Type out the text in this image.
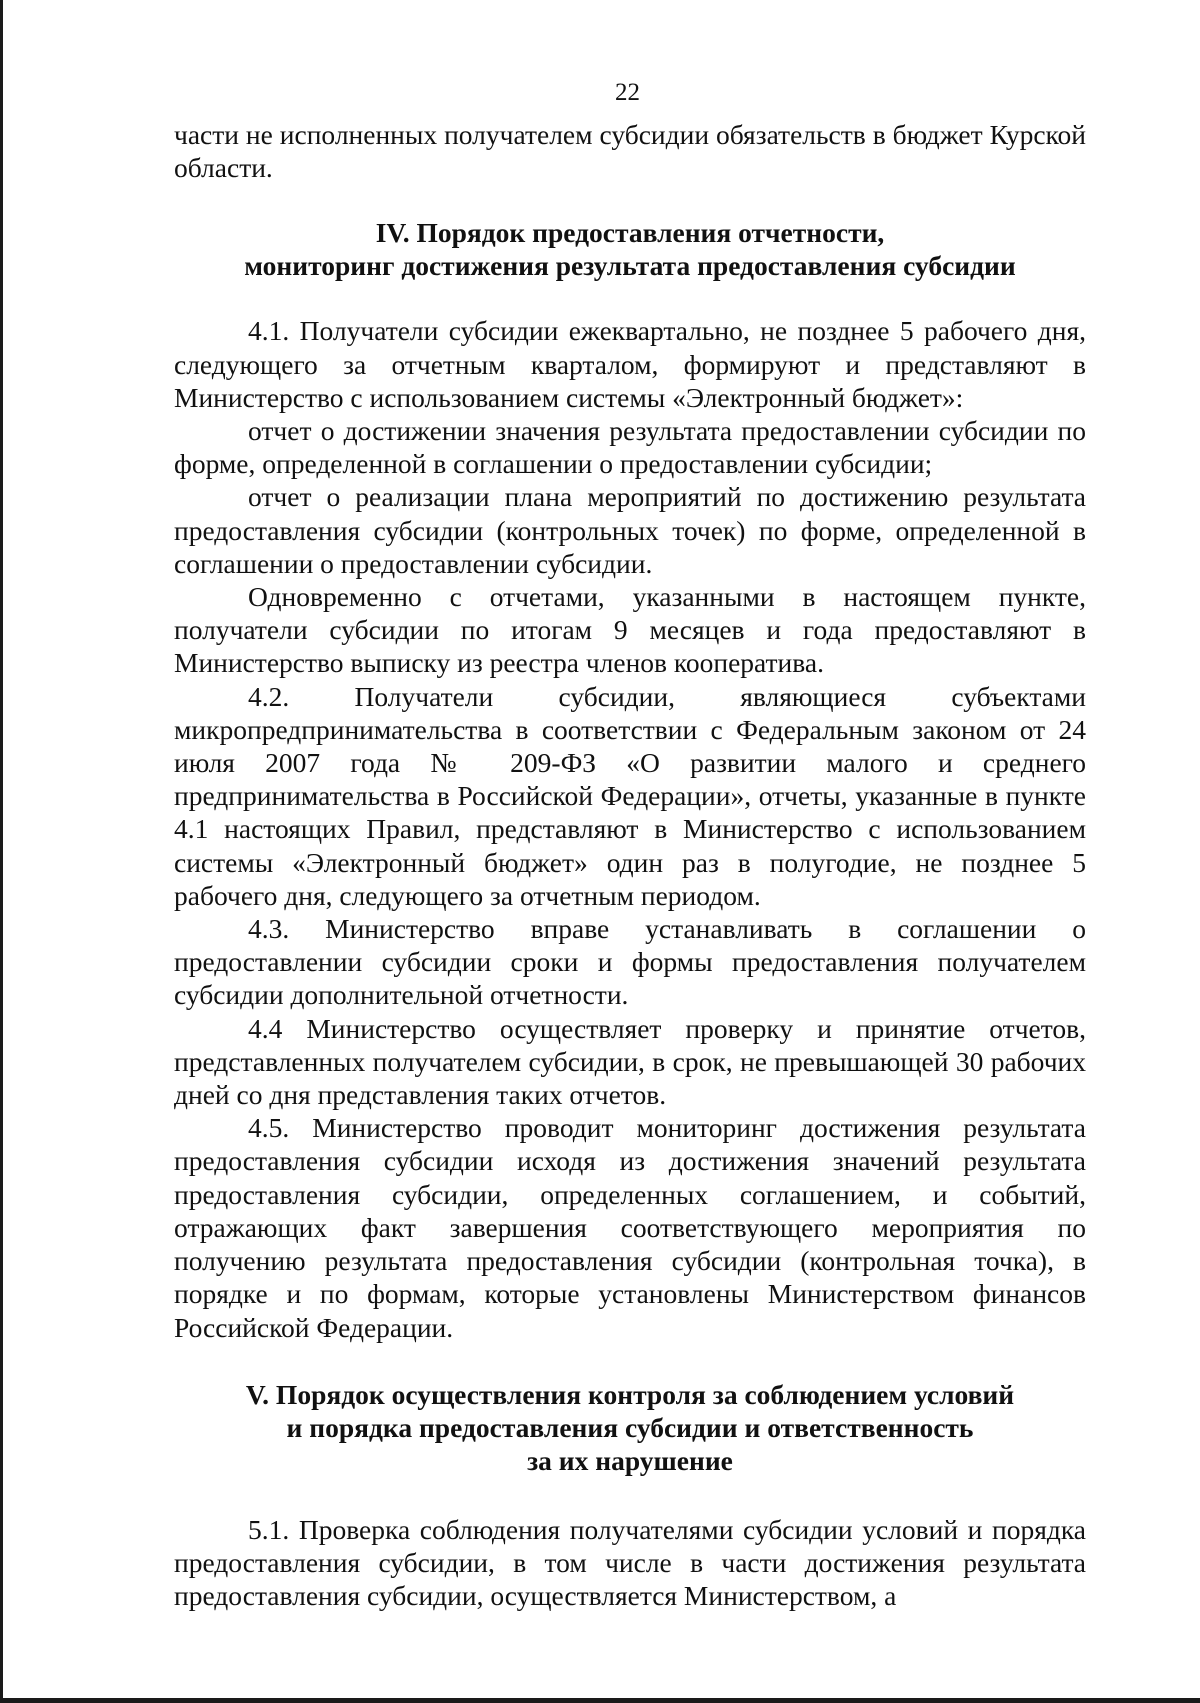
22

части не исполненных получателем субсидии обязательств в бюджет Курской области.

IV. Порядок предоставления отчетности,
мониторинг достижения результата предоставления субсидии

4.1. Получатели субсидии ежеквартально, не позднее 5 рабочего дня, следующего за отчетным кварталом, формируют и представляют в Министерство с использованием системы «Электронный бюджет»:

отчет о достижении значения результата предоставлении субсидии по форме, определенной в соглашении о предоставлении субсидии;

отчет о реализации плана мероприятий по достижению результата предоставления субсидии (контрольных точек) по форме, определенной в соглашении о предоставлении субсидии.

Одновременно с отчетами, указанными в настоящем пункте, получатели субсидии по итогам 9 месяцев и года предоставляют в Министерство выписку из реестра членов кооператива.

4.2. Получатели субсидии, являющиеся субъектами микропредпринимательства в соответствии с Федеральным законом от 24 июля 2007 года № 209-ФЗ «О развитии малого и среднего предпринимательства в Российской Федерации», отчеты, указанные в пункте 4.1 настоящих Правил, представляют в Министерство с использованием системы «Электронный бюджет» один раз в полугодие, не позднее 5 рабочего дня, следующего за отчетным периодом.

4.3. Министерство вправе устанавливать в соглашении о предоставлении субсидии сроки и формы предоставления получателем субсидии дополнительной отчетности.

4.4 Министерство осуществляет проверку и принятие отчетов, представленных получателем субсидии, в срок, не превышающей 30 рабочих дней со дня представления таких отчетов.

4.5. Министерство проводит мониторинг достижения результата предоставления субсидии исходя из достижения значений результата предоставления субсидии, определенных соглашением, и событий, отражающих факт завершения соответствующего мероприятия по получению результата предоставления субсидии (контрольная точка), в порядке и по формам, которые установлены Министерством финансов Российской Федерации.

V. Порядок осуществления контроля за соблюдением условий
и порядка предоставления субсидии и ответственность
за их нарушение

5.1. Проверка соблюдения получателями субсидии условий и порядка предоставления субсидии, в том числе в части достижения результата предоставления субсидии, осуществляется Министерством, а
